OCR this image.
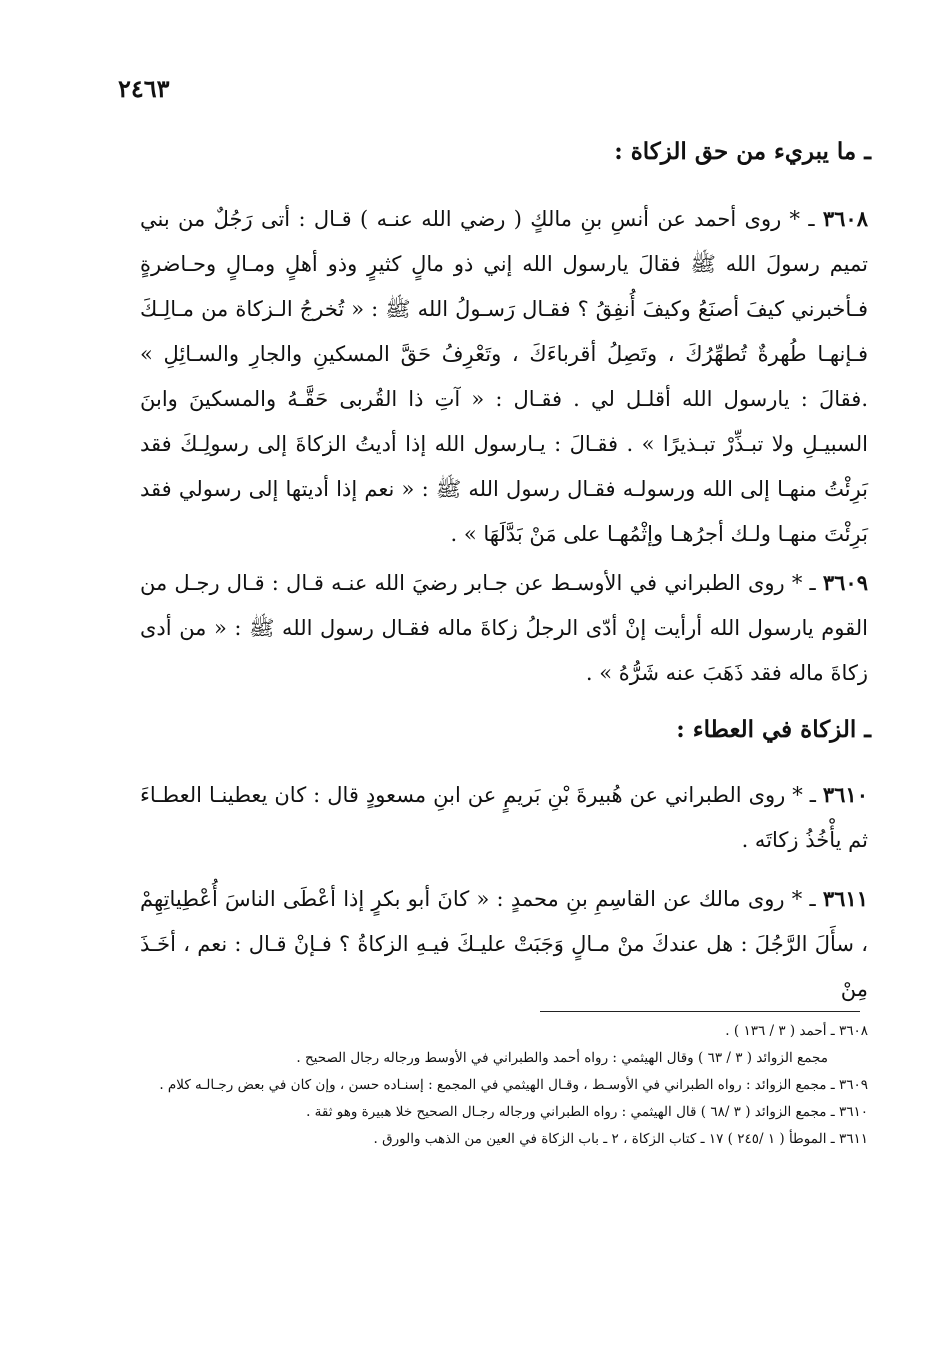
٢٤٦٣
ـ ما يبريء من حق الزكاة :

٣٦٠٨ ـ * روى أحمد عن أنسِ بنِ مالكٍ ( رضي الله عنـه ) قـال : أتى رَجُلٌ من بني تميم رسولَ الله ﷺ فقالَ يارسول الله إني ذو مالٍ كثيرٍ وذو أهلٍ ومـالٍ وحـاضرةٍ فـأخبرني كيفَ أصنَعُ وكيفَ أُنفِقُ ؟ فقـال رَسـولُ الله ﷺ : « تُخرجُ الـزكاة من مـالِـكَ فـإنهـا طُهرةٌ تُطهِّرُكَ ، وتَصِلُ أقرباءَكَ ، وتَعْرِفُ حَقَّ المسكينِ والجارِ والسـائِلِ » .فقالَ : يارسول الله أقلـل لي . فقـال : « آتِ ذا القُربى حَقَّـهُ والمسكينَ وابنَ السبيـلِ ولا تبـذِّرْ تبـذيرًا » . فقـالَ : يـارسول الله إذا أديتُ الزكاةَ إلى رسولِـكَ فقد بَرِئْتُ منهـا إلى الله ورسولـه فقـال رسول الله ﷺ : « نعم إذا أديتها إلى رسولي فقد بَرِئْتَ منهـا ولـك أجرُهـا وإثْمُهـا على مَنْ بَدَّلَهَا » .

٣٦٠٩ ـ * روى الطبراني في الأوسـط عن جـابر رضيَ الله عنـه قـال : قـال رجـل من القوم يارسول الله أرأيت إنْ أدّى الرجلُ زكاةَ ماله فقـال رسول الله ﷺ : « من أدى زكاةَ ماله فقد ذَهَبَ عنه شَرُّهُ » .

ـ الزكاة في العطاء :

٣٦١٠ ـ * روى الطبراني عن هُبيرةَ بْنِ بَريمٍ عن ابنِ مسعودٍ قال : كان يعطينـا العطـاءَ ثم يأْخُذُ زكاتَه .

٣٦١١ ـ * روى مالك عن القاسِمِ بنِ محمدٍ : « كانَ أبو بكرٍ إذا أعْطَى الناسَ أُعْطِياتِهِمْ ، سأَلَ الرَّجُلَ : هل عندكَ منْ مـالٍ وَجَبَتْ عليـكَ فيـهِ الزكاةُ ؟ فـإنْ قـال : نعم ، أخَـذَ مِنْ

٣٦٠٨ ـ أحمد ( ٣ / ١٣٦ ) .

مجمع الزوائد ( ٣ / ٦٣ ) وقال الهيثمي : رواه أحمد والطبراني في الأوسط ورجاله رجال الصحيح .

٣٦٠٩ ـ مجمع الزوائد : رواه الطبراني في الأوسـط ، وقـال الهيثمي في المجمع : إسنـاده حسن ، وإن كان في بعض رجـالـه كلام .

٣٦١٠ ـ مجمع الزوائد ( ٣ /٦٨ ) قال الهيثمي : رواه الطبراني ورجاله رجـال الصحيح خلا هبيرة وهو ثقة .

٣٦١١ ـ الموطأ ( ١ /٢٤٥ ) ١٧ ـ كتاب الزكاة ، ٢ ـ باب الزكاة في العين من الذهب والورق .
